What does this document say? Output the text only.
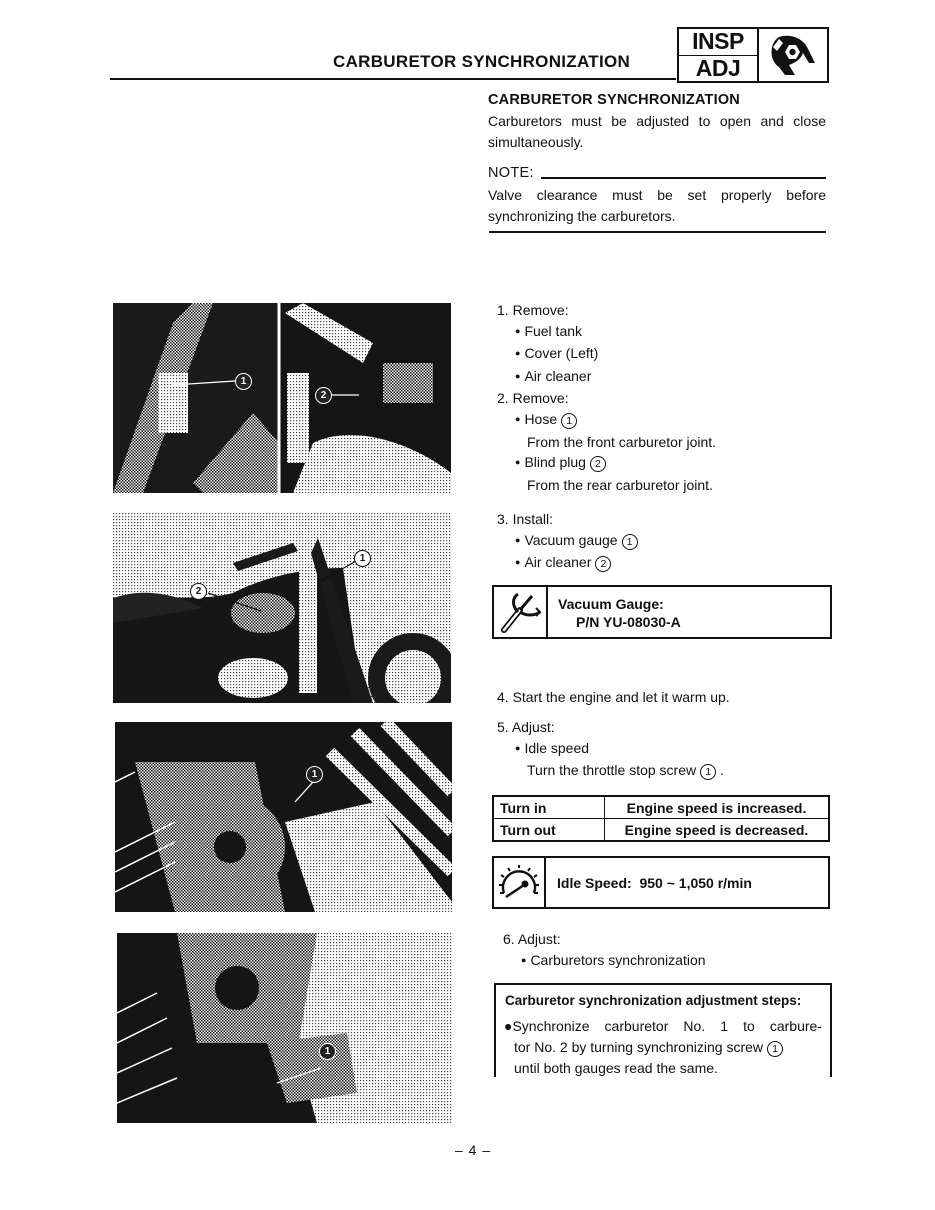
CARBURETOR SYNCHRONIZATION
INSP
ADJ
CARBURETOR SYNCHRONIZATION
Carburetors must be adjusted to open and close simultaneously.
NOTE:
Valve clearance must be set properly before synchronizing the carburetors.
1. Remove:
● Fuel tank
● Cover (Left)
● Air cleaner
2. Remove:
● Hose 1
From the front carburetor joint.
● Blind plug 2
From the rear carburetor joint.
3. Install:
● Vacuum gauge 1
● Air cleaner 2
Vacuum Gauge:
P/N YU-08030-A
4. Start the engine and let it warm up.
5. Adjust:
● Idle speed
Turn the throttle stop screw 1 .
Turn in	Engine speed is increased.
Turn out	Engine speed is decreased.
Idle Speed:
950 ~ 1,050 r/min
6. Adjust:
● Carburetors synchronization
Carburetor synchronization adjustment steps:
●Synchronize carburetor No. 1 to carbure-
tor No. 2 by turning synchronizing screw 1
until both gauges read the same.
1
2
1
2
1
1
– 4 –
